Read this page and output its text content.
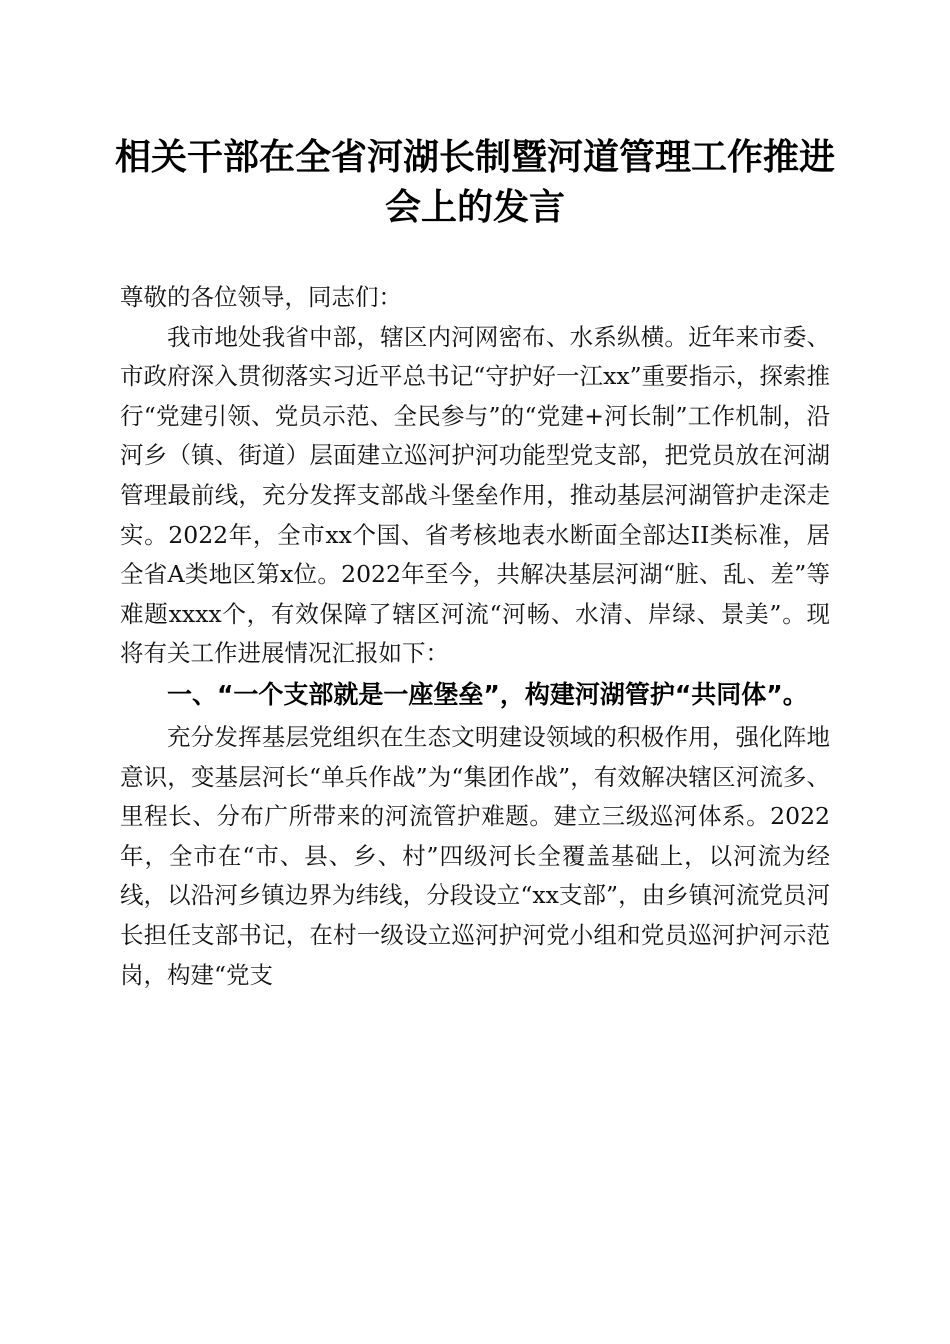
相关干部在全省河湖长制暨河道管理工作推进
会上的发言

尊敬的各位领导，同志们：

我市地处我省中部，辖区内河网密布、水系纵横。近年来市委、市政府深入贯彻落实习近平总书记“守护好一江xx”重要指示，探索推行“党建引领、党员示范、全民参与”的“党建+河长制”工作机制，沿河乡（镇、街道）层面建立巡河护河功能型党支部，把党员放在河湖管理最前线，充分发挥支部战斗堡垒作用，推动基层河湖管护走深走实。2022年，全市xx个国、省考核地表水断面全部达II类标准，居全省A类地区第x位。2022年至今，共解决基层河湖“脏、乱、差”等难题xxxx个，有效保障了辖区河流“河畅、水清、岸绿、景美”。现将有关工作进展情况汇报如下：

一、“一个支部就是一座堡垒”，构建河湖管护“共同体”。

充分发挥基层党组织在生态文明建设领域的积极作用，强化阵地意识，变基层河长“单兵作战”为“集团作战”，有效解决辖区河流多、里程长、分布广所带来的河流管护难题。建立三级巡河体系。2022年，全市在“市、县、乡、村”四级河长全覆盖基础上，以河流为经线，以沿河乡镇边界为纬线，分段设立“xx支部”，由乡镇河流党员河长担任支部书记，在村一级设立巡河护河党小组和党员巡河护河示范岗，构建“党支
